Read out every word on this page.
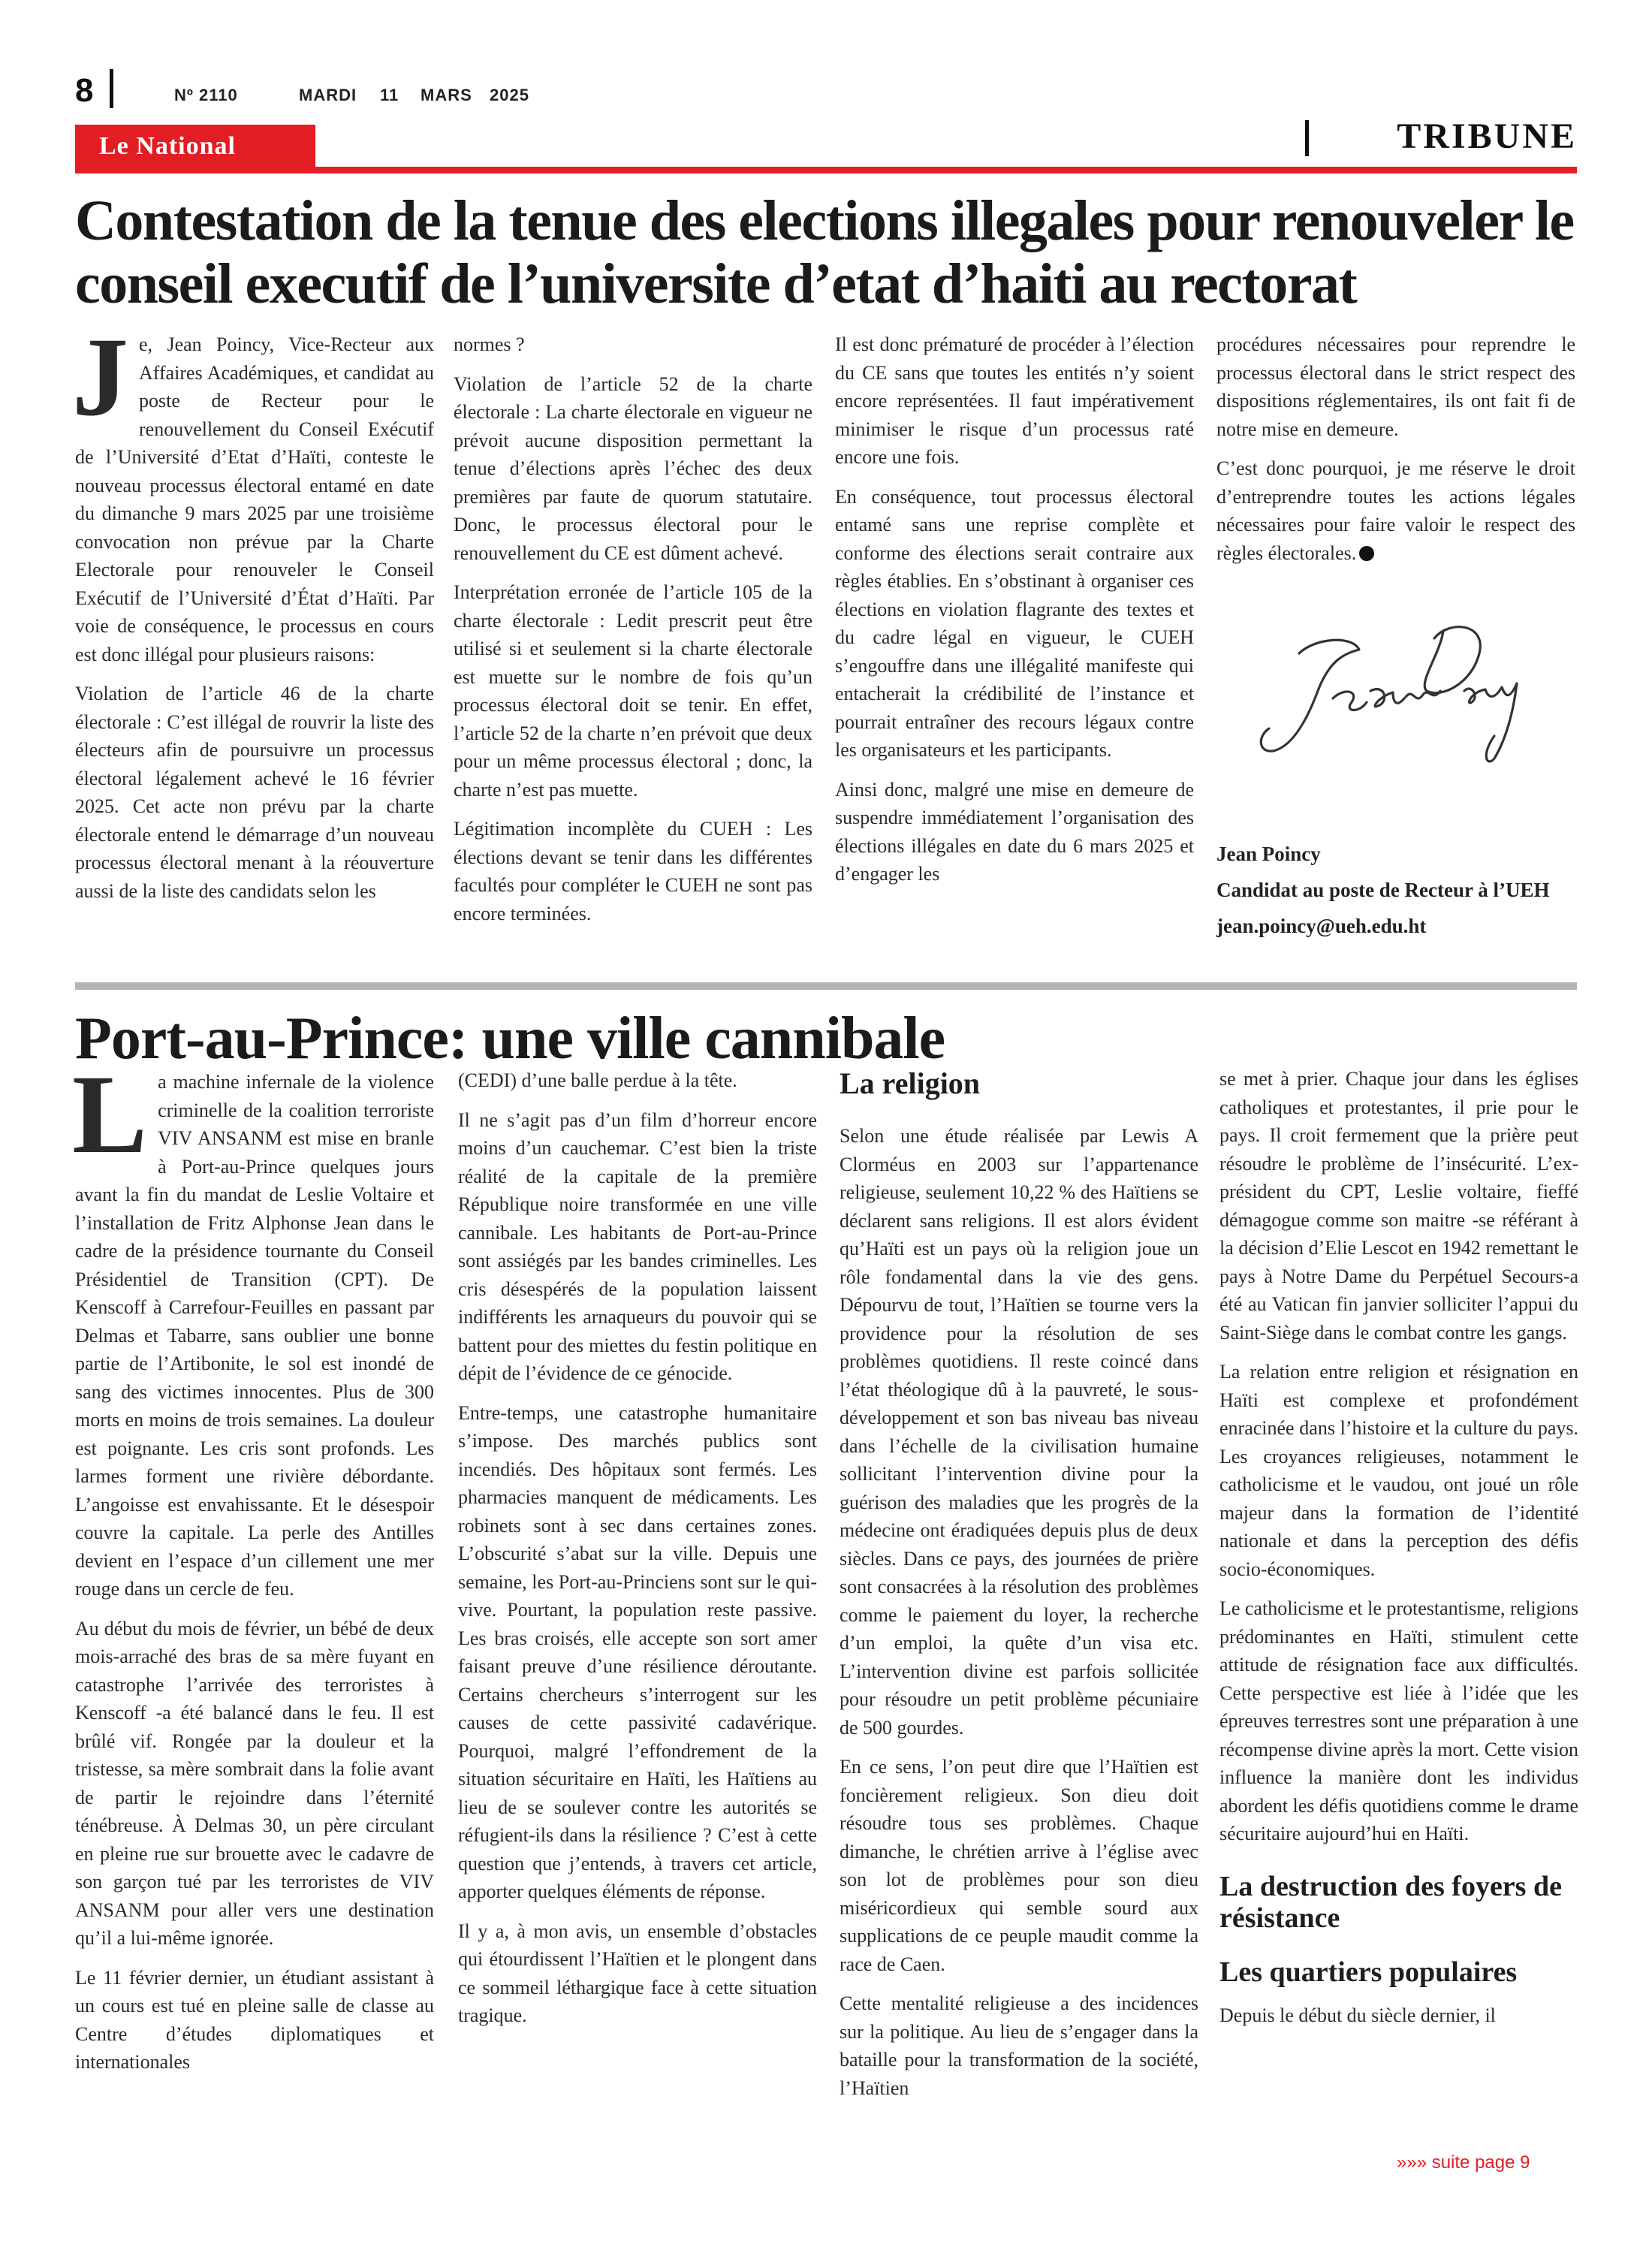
8	Nº 2110	MARDI 11 MARS 2025
Le National	TRIBUNE
Contestation de la tenue des elections illegales pour renouveler le conseil executif de l’universite d’etat d’haiti au rectorat

Je, Jean Poincy, Vice-Recteur aux Affaires Académiques, et candidat au poste de Recteur pour le renouvellement du Conseil Exécutif de l’Université d’Etat d’Haïti, conteste le nouveau processus électoral entamé en date du dimanche 9 mars 2025 par une troisième convocation non prévue par la Charte Electorale pour renouveler le Conseil Exécutif de l’Université d’État d’Haïti. Par voie de conséquence, le processus en cours est donc illégal pour plusieurs raisons:

Violation de l’article 46 de la charte électorale : C’est illégal de rouvrir la liste des électeurs afin de poursuivre un processus électoral légalement achevé le 16 février 2025. Cet acte non prévu par la charte électorale entend le démarrage d’un nouveau processus électoral menant à la réouverture aussi de la liste des candidats selon les

normes ?

Violation de l’article 52 de la charte électorale : La charte électorale en vigueur ne prévoit aucune disposition permettant la tenue d’élections après l’échec des deux premières par faute de quorum statutaire. Donc, le processus électoral pour le renouvellement du CE est dûment achevé.

Interprétation erronée de l’article 105 de la charte électorale : Ledit prescrit peut être utilisé si et seulement si la charte électorale est muette sur le nombre de fois qu’un processus électoral doit se tenir. En effet, l’article 52 de la charte n’en prévoit que deux pour un même processus électoral ; donc, la charte n’est pas muette.

Légitimation incomplète du CUEH : Les élections devant se tenir dans les différentes facultés pour compléter le CUEH ne sont pas encore terminées.

Il est donc prématuré de procéder à l’élection du CE sans que toutes les entités n’y soient encore représentées. Il faut impérativement minimiser le risque d’un processus raté encore une fois.

En conséquence, tout processus électoral entamé sans une reprise complète et conforme des élections serait contraire aux règles établies. En s’obstinant à organiser ces élections en violation flagrante des textes et du cadre légal en vigueur, le CUEH s’engouffre dans une illégalité manifeste qui entacherait la crédibilité de l’instance et pourrait entraîner des recours légaux contre les organisateurs et les participants.

Ainsi donc, malgré une mise en demeure de suspendre immédiatement l’organisation des élections illégales en date du 6 mars 2025 et d’engager les

procédures nécessaires pour reprendre le processus électoral dans le strict respect des dispositions réglementaires, ils ont fait fi de notre mise en demeure.

C’est donc pourquoi, je me réserve le droit d’entreprendre toutes les actions légales nécessaires pour faire valoir le respect des règles électorales.

Jean Poincy
Candidat au poste de Recteur à l’UEH
jean.poincy@ueh.edu.ht
Port-au-Prince: une ville cannibale

La machine infernale de la violence criminelle de la coalition terroriste VIV ANSANM est mise en branle à Port-au-Prince quelques jours avant la fin du mandat de Leslie Voltaire et l’installation de Fritz Alphonse Jean dans le cadre de la présidence tournante du Conseil Présidentiel de Transition (CPT). De Kenscoff à Carrefour-Feuilles en passant par Delmas et Tabarre, sans oublier une bonne partie de l’Artibonite, le sol est inondé de sang des victimes innocentes. Plus de 300 morts en moins de trois semaines. La douleur est poignante. Les cris sont profonds. Les larmes forment une rivière débordante. L’angoisse est envahissante. Et le désespoir couvre la capitale. La perle des Antilles devient en l’espace d’un cillement une mer rouge dans un cercle de feu.

Au début du mois de février, un bébé de deux mois-arraché des bras de sa mère fuyant en catastrophe l’arrivée des terroristes à Kenscoff -a été balancé dans le feu. Il est brûlé vif. Rongée par la douleur et la tristesse, sa mère sombrait dans la folie avant de partir le rejoindre dans l’éternité ténébreuse. À Delmas 30, un père circulant en pleine rue sur brouette avec le cadavre de son garçon tué par les terroristes de VIV ANSANM pour aller vers une destination qu’il a lui-même ignorée.

Le 11 février dernier, un étudiant assistant à un cours est tué en pleine salle de classe au Centre d’études diplomatiques et internationales

(CEDI) d’une balle perdue à la tête.

Il ne s’agit pas d’un film d’horreur encore moins d’un cauchemar. C’est bien la triste réalité de la capitale de la première République noire transformée en une ville cannibale. Les habitants de Port-au-Prince sont assiégés par les bandes criminelles. Les cris désespérés de la population laissent indifférents les arnaqueurs du pouvoir qui se battent pour des miettes du festin politique en dépit de l’évidence de ce génocide.

Entre-temps, une catastrophe humanitaire s’impose. Des marchés publics sont incendiés. Des hôpitaux sont fermés. Les pharmacies manquent de médicaments. Les robinets sont à sec dans certaines zones. L’obscurité s’abat sur la ville. Depuis une semaine, les Port-au-Princiens sont sur le qui-vive. Pourtant, la population reste passive. Les bras croisés, elle accepte son sort amer faisant preuve d’une résilience déroutante. Certains chercheurs s’interrogent sur les causes de cette passivité cadavérique. Pourquoi, malgré l’effondrement de la situation sécuritaire en Haïti, les Haïtiens au lieu de se soulever contre les autorités se réfugient-ils dans la résilience ? C’est à cette question que j’entends, à travers cet article, apporter quelques éléments de réponse.

Il y a, à mon avis, un ensemble d’obstacles qui étourdissent l’Haïtien et le plongent dans ce sommeil léthargique face à cette situation tragique.

La religion

Selon une étude réalisée par Lewis A Clorméus en 2003 sur l’appartenance religieuse, seulement 10,22 % des Haïtiens se déclarent sans religions. Il est alors évident qu’Haïti est un pays où la religion joue un rôle fondamental dans la vie des gens. Dépourvu de tout, l’Haïtien se tourne vers la providence pour la résolution de ses problèmes quotidiens. Il reste coincé dans l’état théologique dû à la pauvreté, le sous-développement et son bas niveau bas niveau dans l’échelle de la civilisation humaine sollicitant l’intervention divine pour la guérison des maladies que les progrès de la médecine ont éradiquées depuis plus de deux siècles. Dans ce pays, des journées de prière sont consacrées à la résolution des problèmes comme le paiement du loyer, la recherche d’un emploi, la quête d’un visa etc. L’intervention divine est parfois sollicitée pour résoudre un petit problème pécuniaire de 500 gourdes.

En ce sens, l’on peut dire que l’Haïtien est foncièrement religieux. Son dieu doit résoudre tous ses problèmes. Chaque dimanche, le chrétien arrive à l’église avec son lot de problèmes pour son dieu miséricordieux qui semble sourd aux supplications de ce peuple maudit comme la race de Caen.

Cette mentalité religieuse a des incidences sur la politique. Au lieu de s’engager dans la bataille pour la transformation de la société, l’Haïtien

se met à prier. Chaque jour dans les églises catholiques et protestantes, il prie pour le pays. Il croit fermement que la prière peut résoudre le problème de l’insécurité. L’ex-président du CPT, Leslie voltaire, fieffé démagogue comme son maitre -se référant à la décision d’Elie Lescot en 1942 remettant le pays à Notre Dame du Perpétuel Secours-a été au Vatican fin janvier solliciter l’appui du Saint-Siège dans le combat contre les gangs.

La relation entre religion et résignation en Haïti est complexe et profondément enracinée dans l’histoire et la culture du pays. Les croyances religieuses, notamment le catholicisme et le vaudou, ont joué un rôle majeur dans la formation de l’identité nationale et dans la perception des défis socio-économiques.

Le catholicisme et le protestantisme, religions prédominantes en Haïti, stimulent cette attitude de résignation face aux difficultés. Cette perspective est liée à l’idée que les épreuves terrestres sont une préparation à une récompense divine après la mort. Cette vision influence la manière dont les individus abordent les défis quotidiens comme le drame sécuritaire aujourd’hui en Haïti.

La destruction des foyers de résistance

Les quartiers populaires

Depuis le début du siècle dernier, il

»»» suite page 9
